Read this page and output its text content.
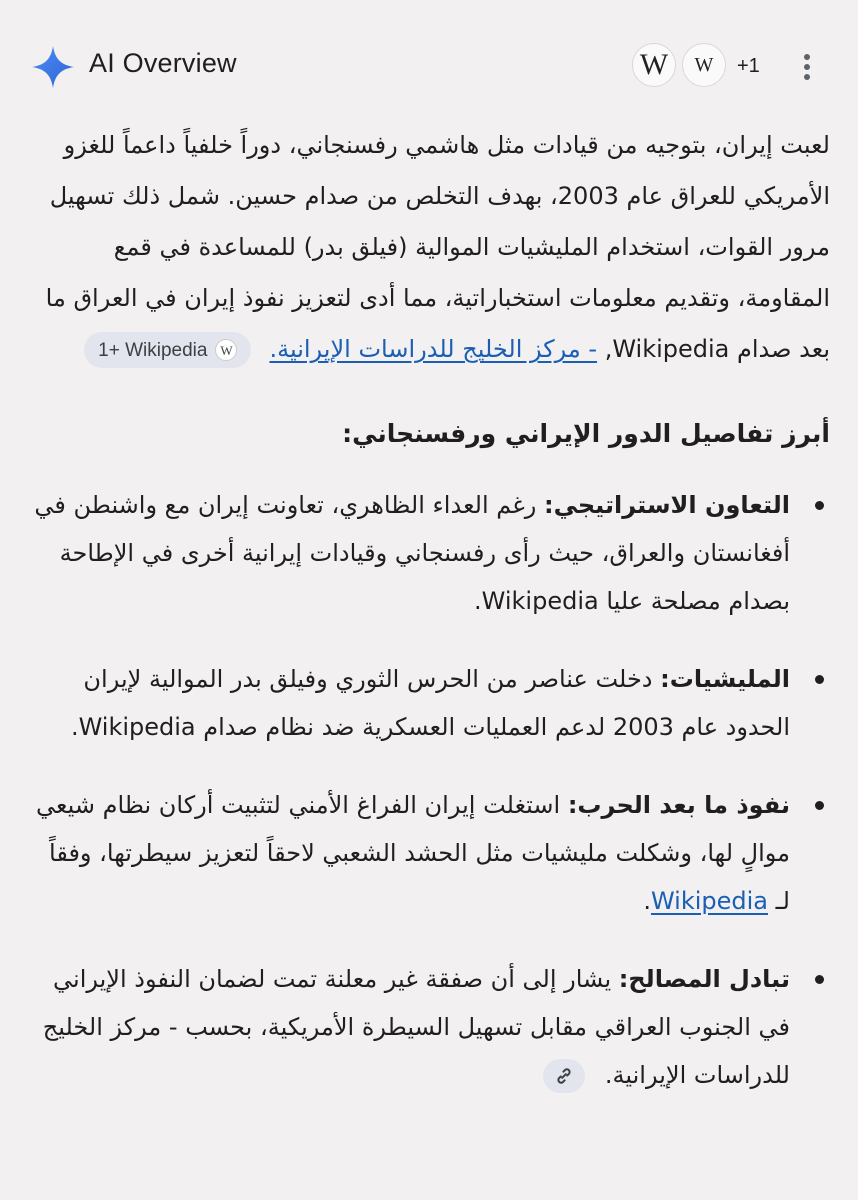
AI Overview	W	W	+1

لعبت إيران، بتوجيه من قيادات مثل هاشمي رفسنجاني، دوراً خلفياً داعماً للغزو الأمريكي للعراق عام 2003، بهدف التخلص من صدام حسين. شمل ذلك تسهيل مرور القوات، استخدام المليشيات الموالية (فيلق بدر) للمساعدة في قمع المقاومة، وتقديم معلومات استخباراتية، مما أدى لتعزيز نفوذ إيران في العراق ما بعد صدام Wikipedia, - مركز الخليج للدراسات الإيرانية.
1+ Wikipedia W

أبرز تفاصيل الدور الإيراني ورفسنجاني:
التعاون الاستراتيجي: رغم العداء الظاهري، تعاونت إيران مع واشنطن في أفغانستان والعراق، حيث رأى رفسنجاني وقيادات إيرانية أخرى في الإطاحة بصدام مصلحة عليا Wikipedia.
المليشيات: دخلت عناصر من الحرس الثوري وفيلق بدر الموالية لإيران الحدود عام 2003 لدعم العمليات العسكرية ضد نظام صدام Wikipedia.
نفوذ ما بعد الحرب: استغلت إيران الفراغ الأمني لتثبيت أركان نظام شيعي موالٍ لها، وشكلت مليشيات مثل الحشد الشعبي لاحقاً لتعزيز سيطرتها، وفقاً لـ Wikipedia.
تبادل المصالح: يشار إلى أن صفقة غير معلنة تمت لضمان النفوذ الإيراني في الجنوب العراقي مقابل تسهيل السيطرة الأمريكية، بحسب - مركز الخليج للدراسات الإيرانية.
